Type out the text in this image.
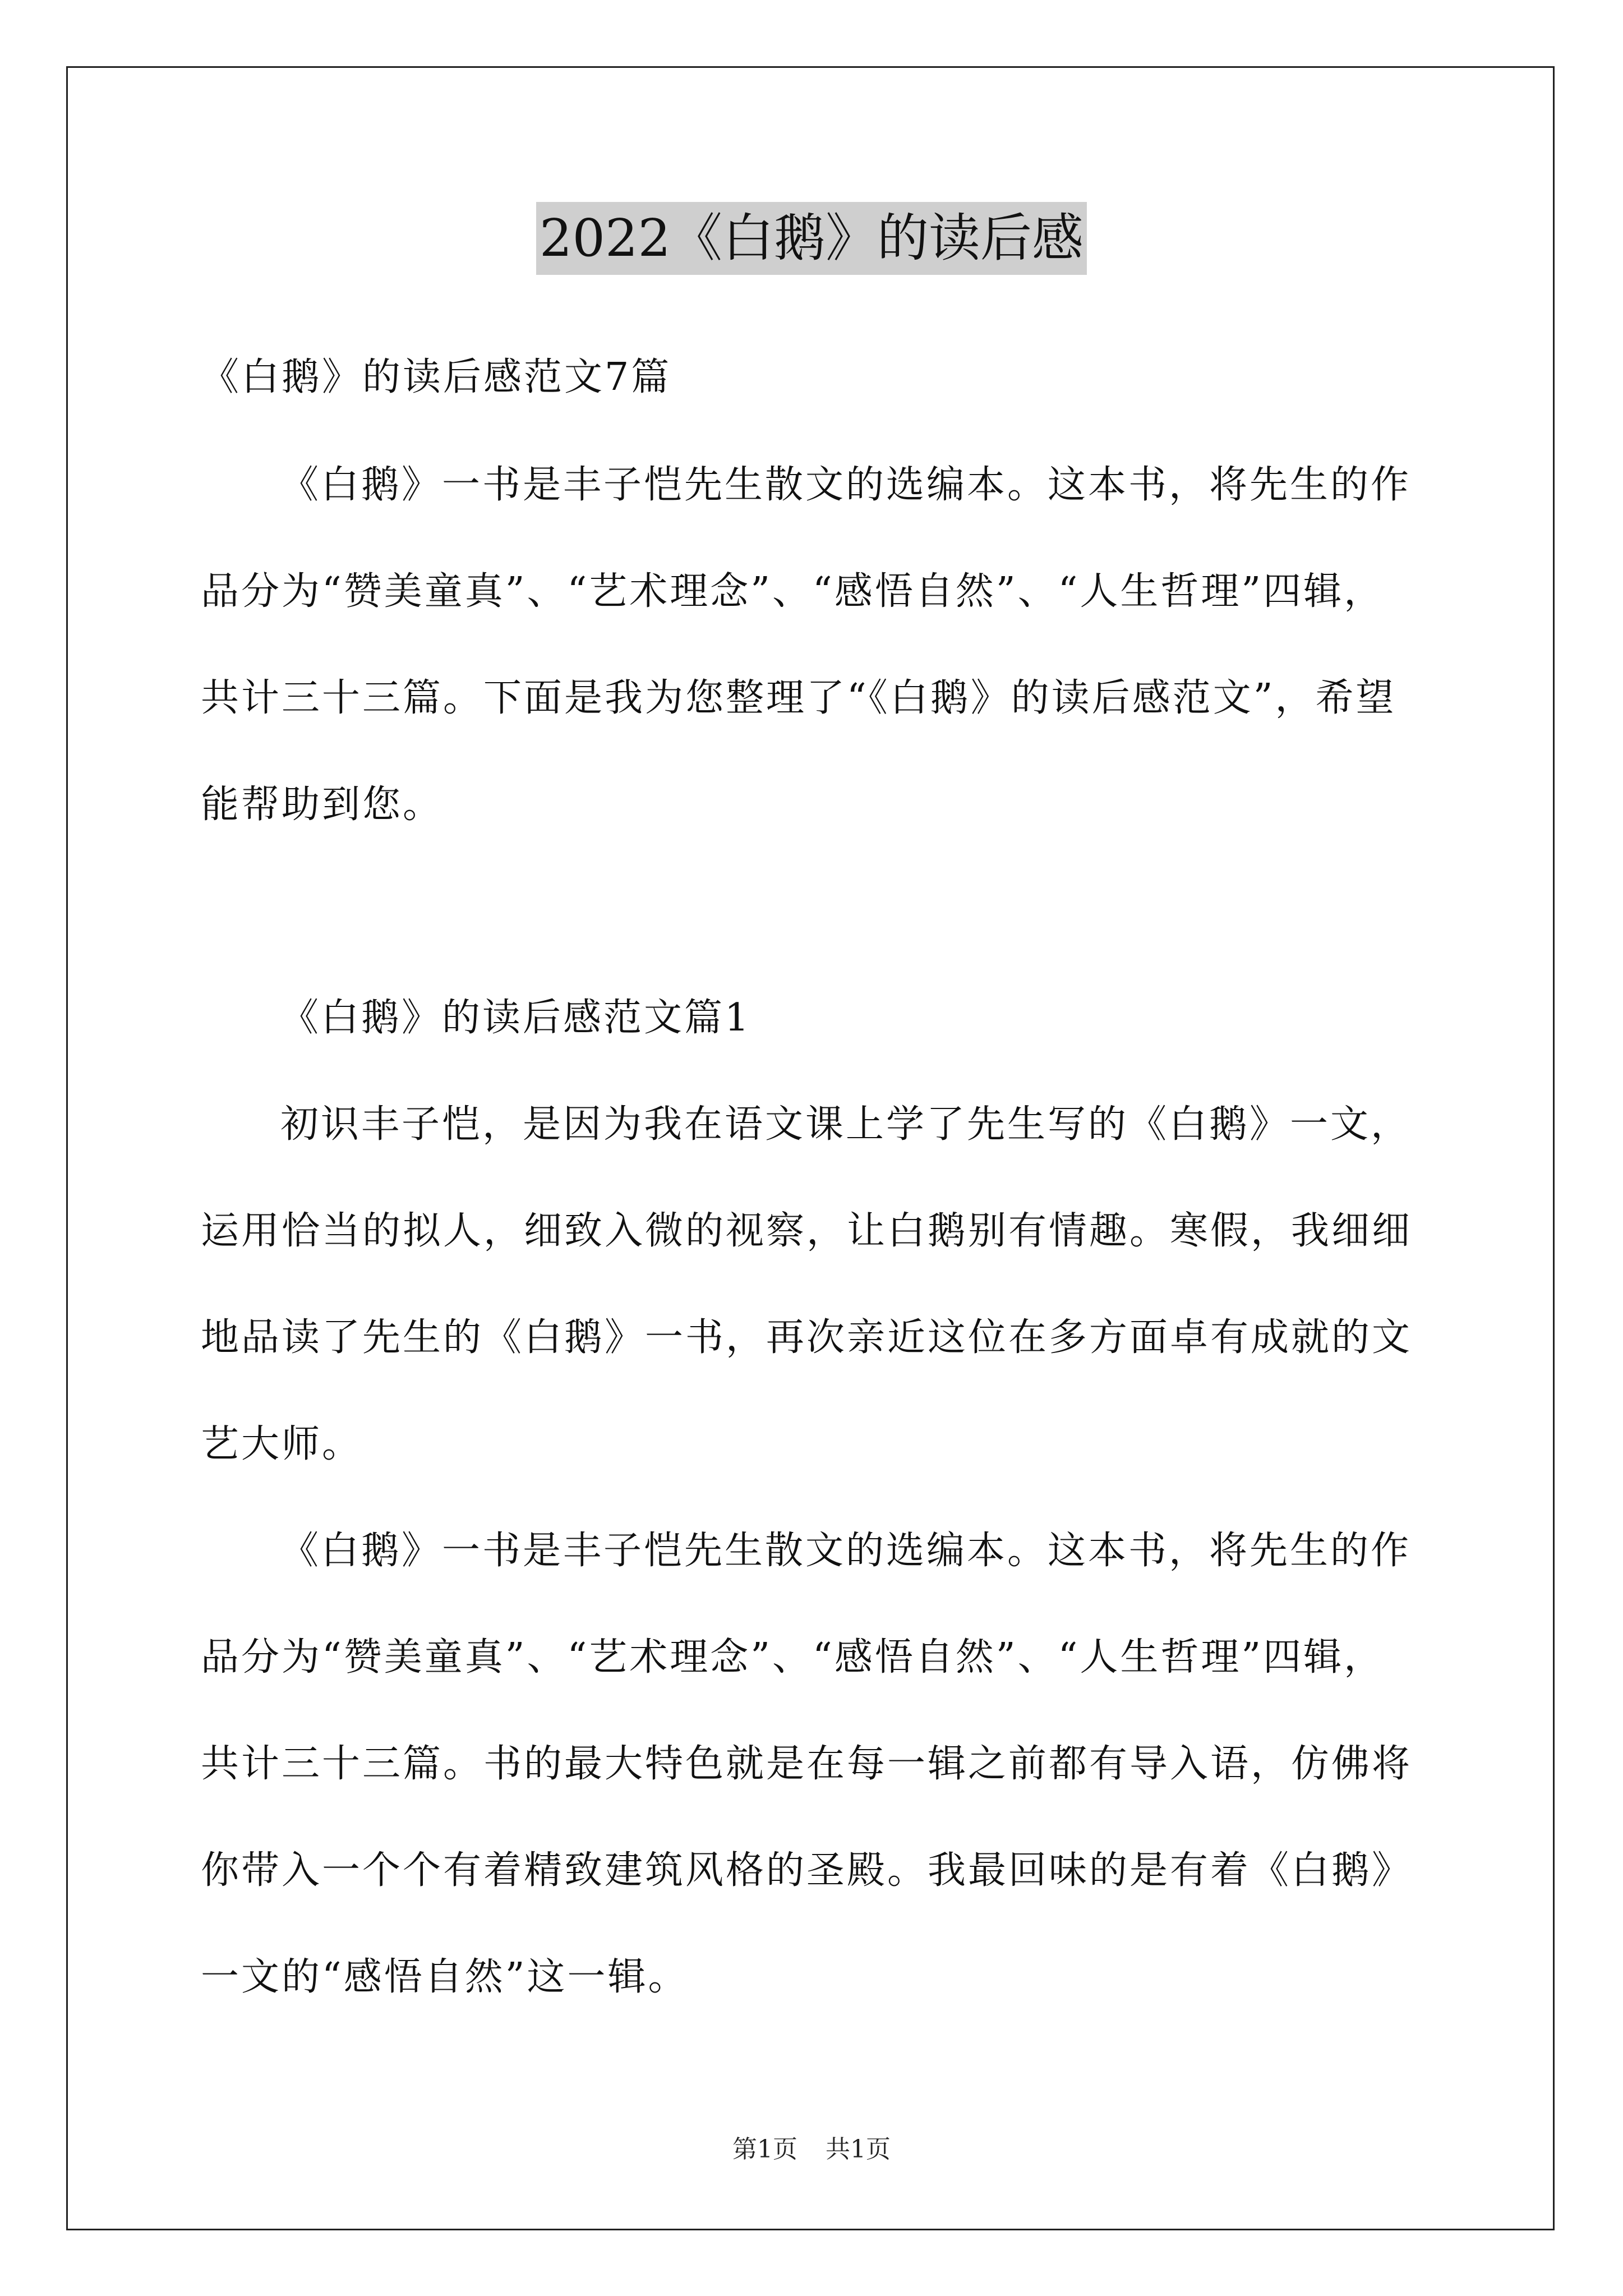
2022《白鹅》的读后感
《白鹅》的读后感范文7篇
《白鹅》一书是丰子恺先生散文的选编本。这本书，将先生的作
品分为“赞美童真”、“艺术理念”、“感悟自然”、“人生哲理”四辑，
共计三十三篇。下面是我为您整理了“《白鹅》的读后感范文”，希望
能帮助到您。
《白鹅》的读后感范文篇1
初识丰子恺，是因为我在语文课上学了先生写的《白鹅》一文，
运用恰当的拟人，细致入微的视察，让白鹅别有情趣。寒假，我细细
地品读了先生的《白鹅》一书，再次亲近这位在多方面卓有成就的文
艺大师。
《白鹅》一书是丰子恺先生散文的选编本。这本书，将先生的作
品分为“赞美童真”、“艺术理念”、“感悟自然”、“人生哲理”四辑，
共计三十三篇。书的最大特色就是在每一辑之前都有导入语，仿佛将
你带入一个个有着精致建筑风格的圣殿。我最回味的是有着《白鹅》
一文的“感悟自然”这一辑。
第1页 共1页
